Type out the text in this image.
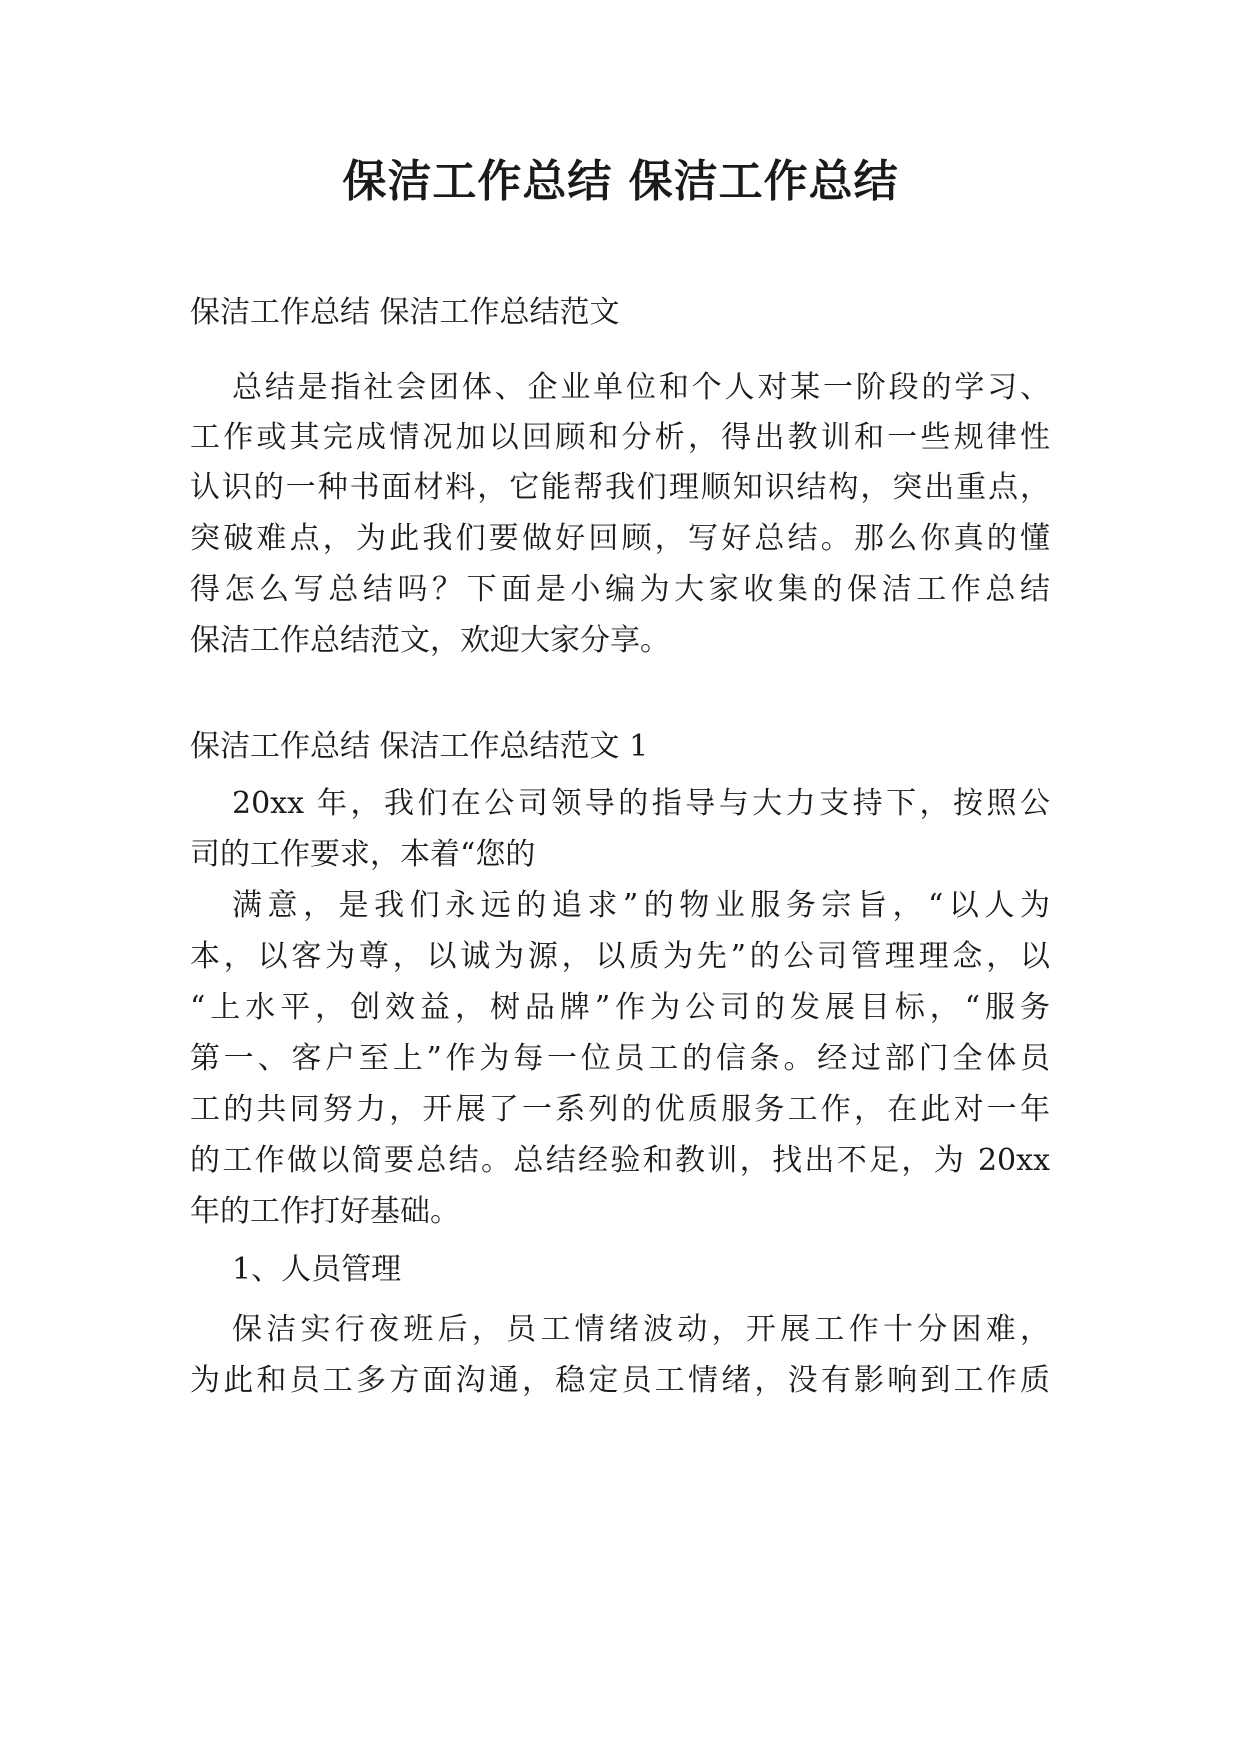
保洁工作总结 保洁工作总结
保洁工作总结 保洁工作总结范文
总结是指社会团体、企业单位和个人对某一阶段的学习、
工作或其完成情况加以回顾和分析，得出教训和一些规律性
认识的一种书面材料，它能帮我们理顺知识结构，突出重点，
突破难点，为此我们要做好回顾，写好总结。那么你真的懂
得怎么写总结吗？下面是小编为大家收集的保洁工作总结
保洁工作总结范文，欢迎大家分享。
保洁工作总结 保洁工作总结范文 1
20xx 年，我们在公司领导的指导与大力支持下，按照公
司的工作要求，本着“您的
满意，是我们永远的追求”的物业服务宗旨，“以人为
本，以客为尊，以诚为源，以质为先”的公司管理理念，以
“上水平，创效益，树品牌”作为公司的发展目标，“服务
第一、客户至上”作为每一位员工的信条。经过部门全体员
工的共同努力，开展了一系列的优质服务工作，在此对一年
的工作做以简要总结。总结经验和教训，找出不足，为 20xx
年的工作打好基础。
1、人员管理
保洁实行夜班后，员工情绪波动，开展工作十分困难，
为此和员工多方面沟通，稳定员工情绪，没有影响到工作质
